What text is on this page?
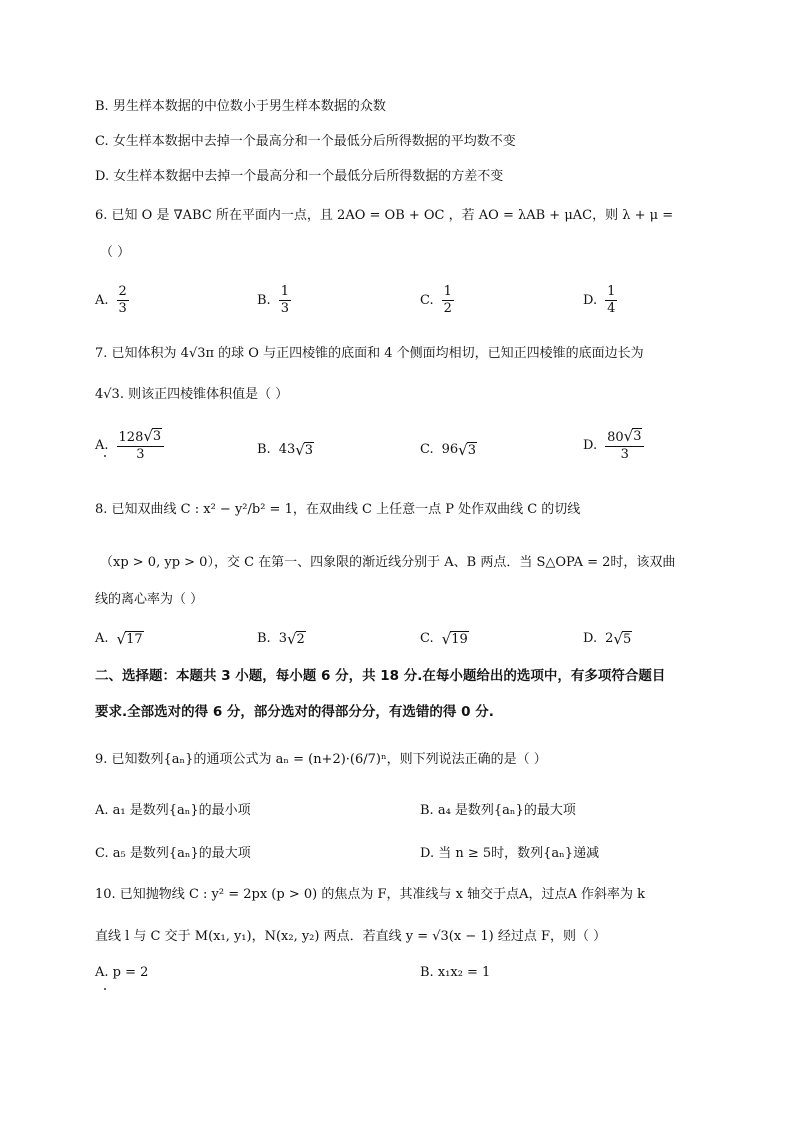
B. 男生样本数据的中位数小于男生样本数据的众数
C. 女生样本数据中去掉一个最高分和一个最低分后所得数据的平均数不变
D. 女生样本数据中去掉一个最高分和一个最低分后所得数据的方差不变
6. 已知 O 是 ∇ABC 所在平面内一点，且 2AO = OB + OC ，若 AO = λAB + μAC，则 λ + μ =
（ ）
A. $\frac{2}{3}$	B. $\frac{1}{3}$	C. $\frac{1}{2}$	D. $\frac{1}{4}$
7. 已知体积为 4√3π 的球 O 与正四棱锥的底面和 4 个侧面均相切，已知正四棱锥的底面边长为
4√3. 则该正四棱锥体积值是（ ）
A. $\frac{128 √ 3}{3}$	B. 43 √ 3	C. 96 √ 3	D. $\frac{80 √ 3}{3}$
8. 已知双曲线 C : x² − y²/b² = 1，在双曲线 C 上任意一点 P 处作双曲线 C 的切线
（xp > 0, yp > 0），交 C 在第一、四象限的渐近线分别于 A、B 两点．当 S△OPA = 2时，该双曲
线的离心率为（ ）
A. √ 17	B. 3 √ 2	C. √ 19	D. 2 √ 5
二、选择题：本题共 3 小题，每小题 6 分，共 18 分.在每小题给出的选项中，有多项符合题目
要求.全部选对的得 6 分，部分选对的得部分分，有选错的得 0 分.
9. 已知数列{aₙ}的通项公式为 aₙ = (n+2)·(6/7)ⁿ，则下列说法正确的是（ ）
A. a₁ 是数列{aₙ}的最小项	B. a₄ 是数列{aₙ}的最大项
C. a₅ 是数列{aₙ}的最大项	D. 当 n ≥ 5时，数列{aₙ}递减
10. 已知抛物线 C : y² = 2px (p > 0) 的焦点为 F，其准线与 x 轴交于点A，过点A 作斜率为 k
直线 l 与 C 交于 M(x₁, y₁)，N(x₂, y₂) 两点．若直线 y = √3(x − 1) 经过点 F，则（ ）
A. p = 2	B. x₁x₂ = 1
